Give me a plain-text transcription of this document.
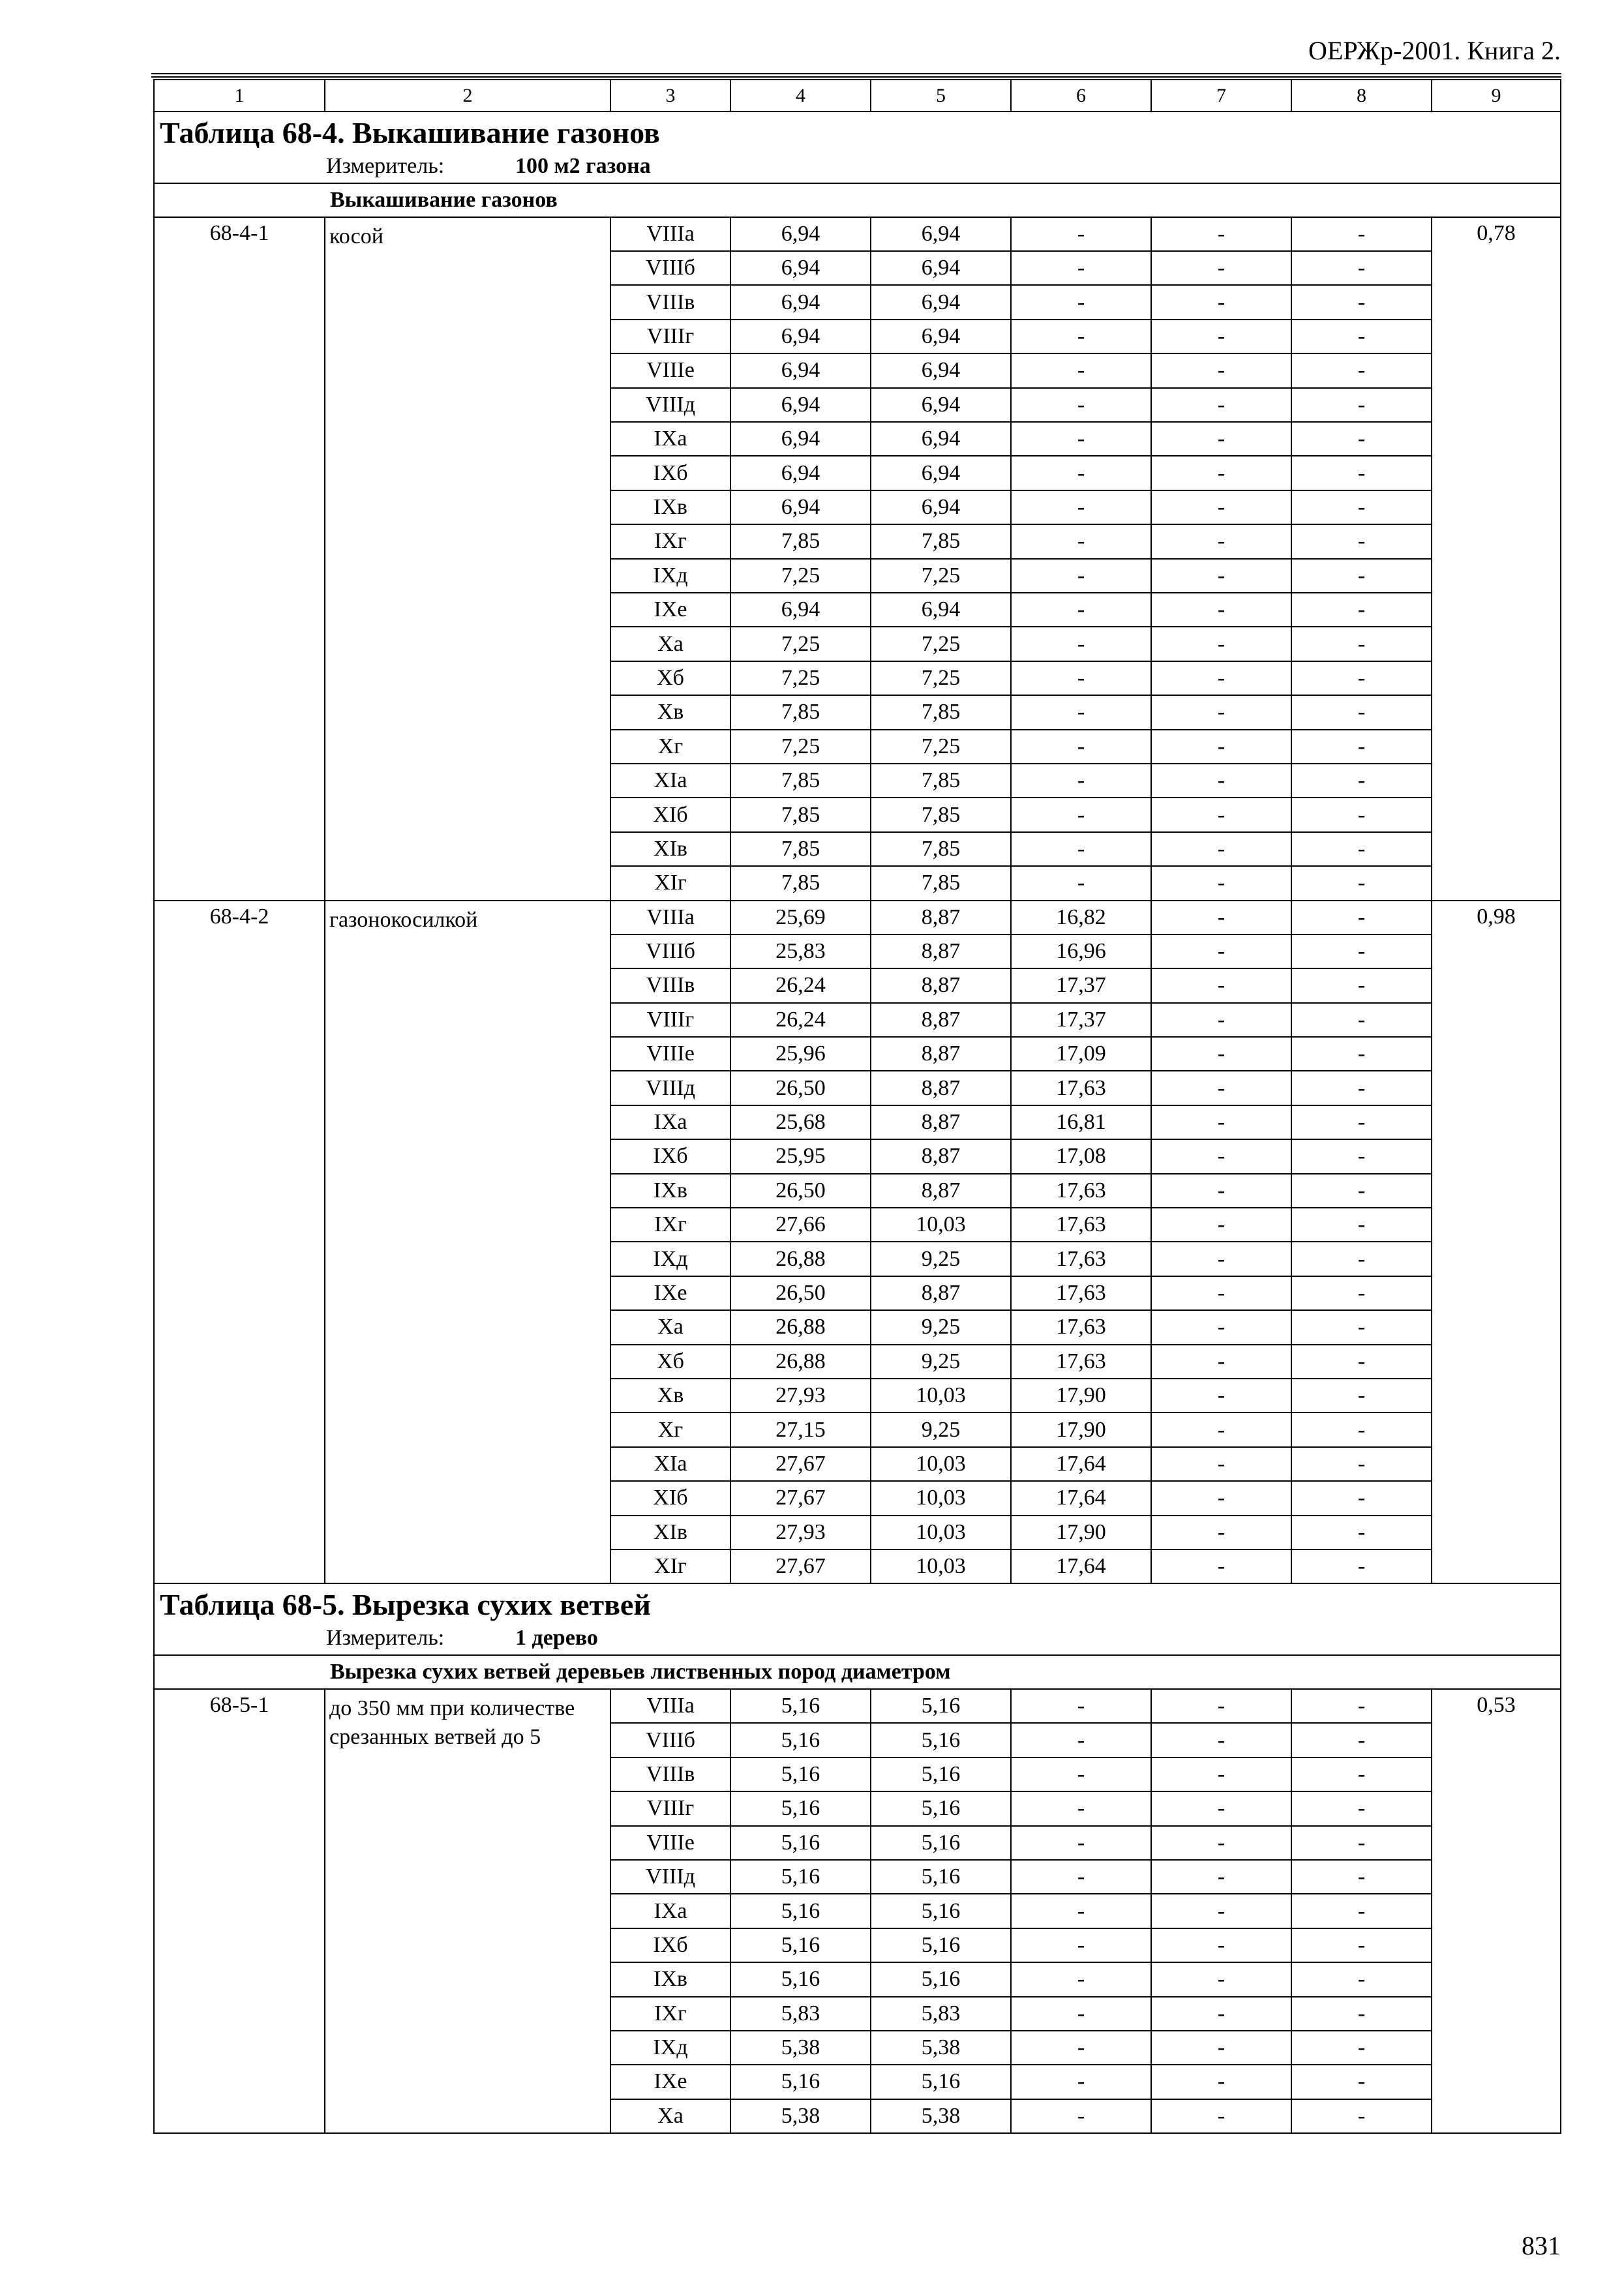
ОЕРЖр-2001. Книга 2.
1	2	3	4	5	6	7	8	9

Таблица 68-4. Выкашивание газонов
Измеритель: 100 м2 газона								

Выкашивание газонов								
68-4-1	косой	VIIIа	6,94	6,94	-	-	-	0,78
		VIIIб	6,94	6,94	-	-	-	
		VIIIв	6,94	6,94	-	-	-	
		VIIIг	6,94	6,94	-	-	-	
		VIIIе	6,94	6,94	-	-	-	
		VIIIд	6,94	6,94	-	-	-	
		IXа	6,94	6,94	-	-	-	
		IXб	6,94	6,94	-	-	-	
		IXв	6,94	6,94	-	-	-	
		IXг	7,85	7,85	-	-	-	
		IXд	7,25	7,25	-	-	-	
		IXе	6,94	6,94	-	-	-	
		Xа	7,25	7,25	-	-	-	
		Xб	7,25	7,25	-	-	-	
		Xв	7,85	7,85	-	-	-	
		Xг	7,25	7,25	-	-	-	
		XIа	7,85	7,85	-	-	-	
		XIб	7,85	7,85	-	-	-	
		XIв	7,85	7,85	-	-	-	
		XIг	7,85	7,85	-	-	-	
68-4-2	газонокосилкой	VIIIа	25,69	8,87	16,82	-	-	0,98
		VIIIб	25,83	8,87	16,96	-	-	
		VIIIв	26,24	8,87	17,37	-	-	
		VIIIг	26,24	8,87	17,37	-	-	
		VIIIе	25,96	8,87	17,09	-	-	
		VIIIд	26,50	8,87	17,63	-	-	
		IXа	25,68	8,87	16,81	-	-	
		IXб	25,95	8,87	17,08	-	-	
		IXв	26,50	8,87	17,63	-	-	
		IXг	27,66	10,03	17,63	-	-	
		IXд	26,88	9,25	17,63	-	-	
		IXе	26,50	8,87	17,63	-	-	
		Xа	26,88	9,25	17,63	-	-	
		Xб	26,88	9,25	17,63	-	-	
		Xв	27,93	10,03	17,90	-	-	
		Xг	27,15	9,25	17,90	-	-	
		XIа	27,67	10,03	17,64	-	-	
		XIб	27,67	10,03	17,64	-	-	
		XIв	27,93	10,03	17,90	-	-	
		XIг	27,67	10,03	17,64	-	-	

Таблица 68-5. Вырезка сухих ветвей
Измеритель: 1 дерево								

Вырезка сухих ветвей деревьев лиственных пород диаметром								
68-5-1	до 350 мм при количестве срезанных ветвей до 5	VIIIа	5,16	5,16	-	-	-	0,53
		VIIIб	5,16	5,16	-	-	-	
		VIIIв	5,16	5,16	-	-	-	
		VIIIг	5,16	5,16	-	-	-	
		VIIIе	5,16	5,16	-	-	-	
		VIIIд	5,16	5,16	-	-	-	
		IXа	5,16	5,16	-	-	-	
		IXб	5,16	5,16	-	-	-	
		IXв	5,16	5,16	-	-	-	
		IXг	5,83	5,83	-	-	-	
		IXд	5,38	5,38	-	-	-	
		IXе	5,16	5,16	-	-	-	
		Xа	5,38	5,38	-	-	-	
831
